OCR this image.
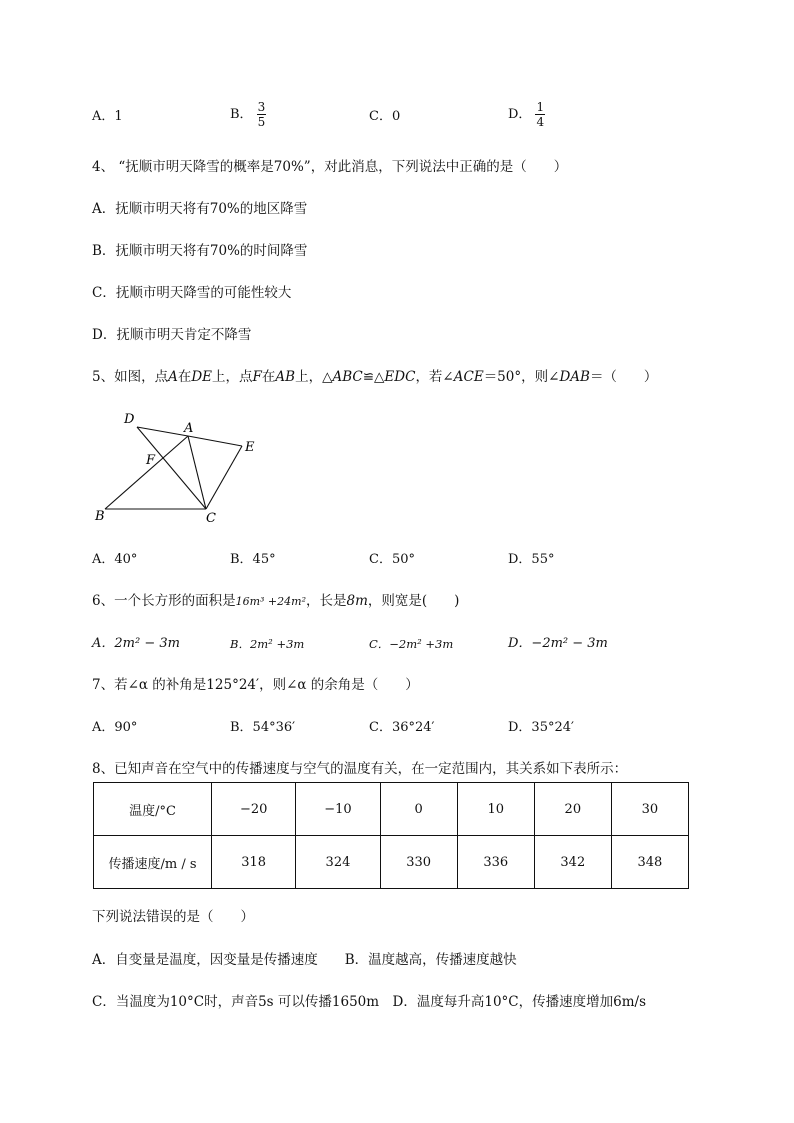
A．1	B． $\frac{3}{5}$	C．0	D． $\frac{1}{4}$
4、 “抚顺市明天降雪的概率是70%”，对此消息，下列说法中正确的是（　　）
A．抚顺市明天将有70%的地区降雪
B．抚顺市明天将有70%的时间降雪
C．抚顺市明天降雪的可能性较大
D．抚顺市明天肯定不降雪
5、如图，点A在DE上，点F在AB上，△ABC≌△EDC，若∠ACE＝50°，则∠DAB＝（　　）
D
A
E
F
B	C
A．40°	B．45°	C．50°	D．55°
6、一个长方形的面积是16m³ +24m²，长是8m，则宽是(　　)
A．2m² − 3m	B．2m² +3m	C．−2m² +3m	D．−2m² − 3m
7、若∠α 的补角是125°24′，则∠α 的余角是（　　）
A．90°	B．54°36′	C．36°24′	D．35°24′
8、已知声音在空气中的传播速度与空气的温度有关，在一定范围内，其关系如下表所示：
温度/°C	−20	−10	0	10	20	30
传播速度/m / s	318	324	330	336	342	348
下列说法错误的是（　　）
A．自变量是温度，因变量是传播速度　　B．温度越高，传播速度越快
C．当温度为10°C时，声音5s 可以传播1650m　D．温度每升高10°C，传播速度增加6m/s
